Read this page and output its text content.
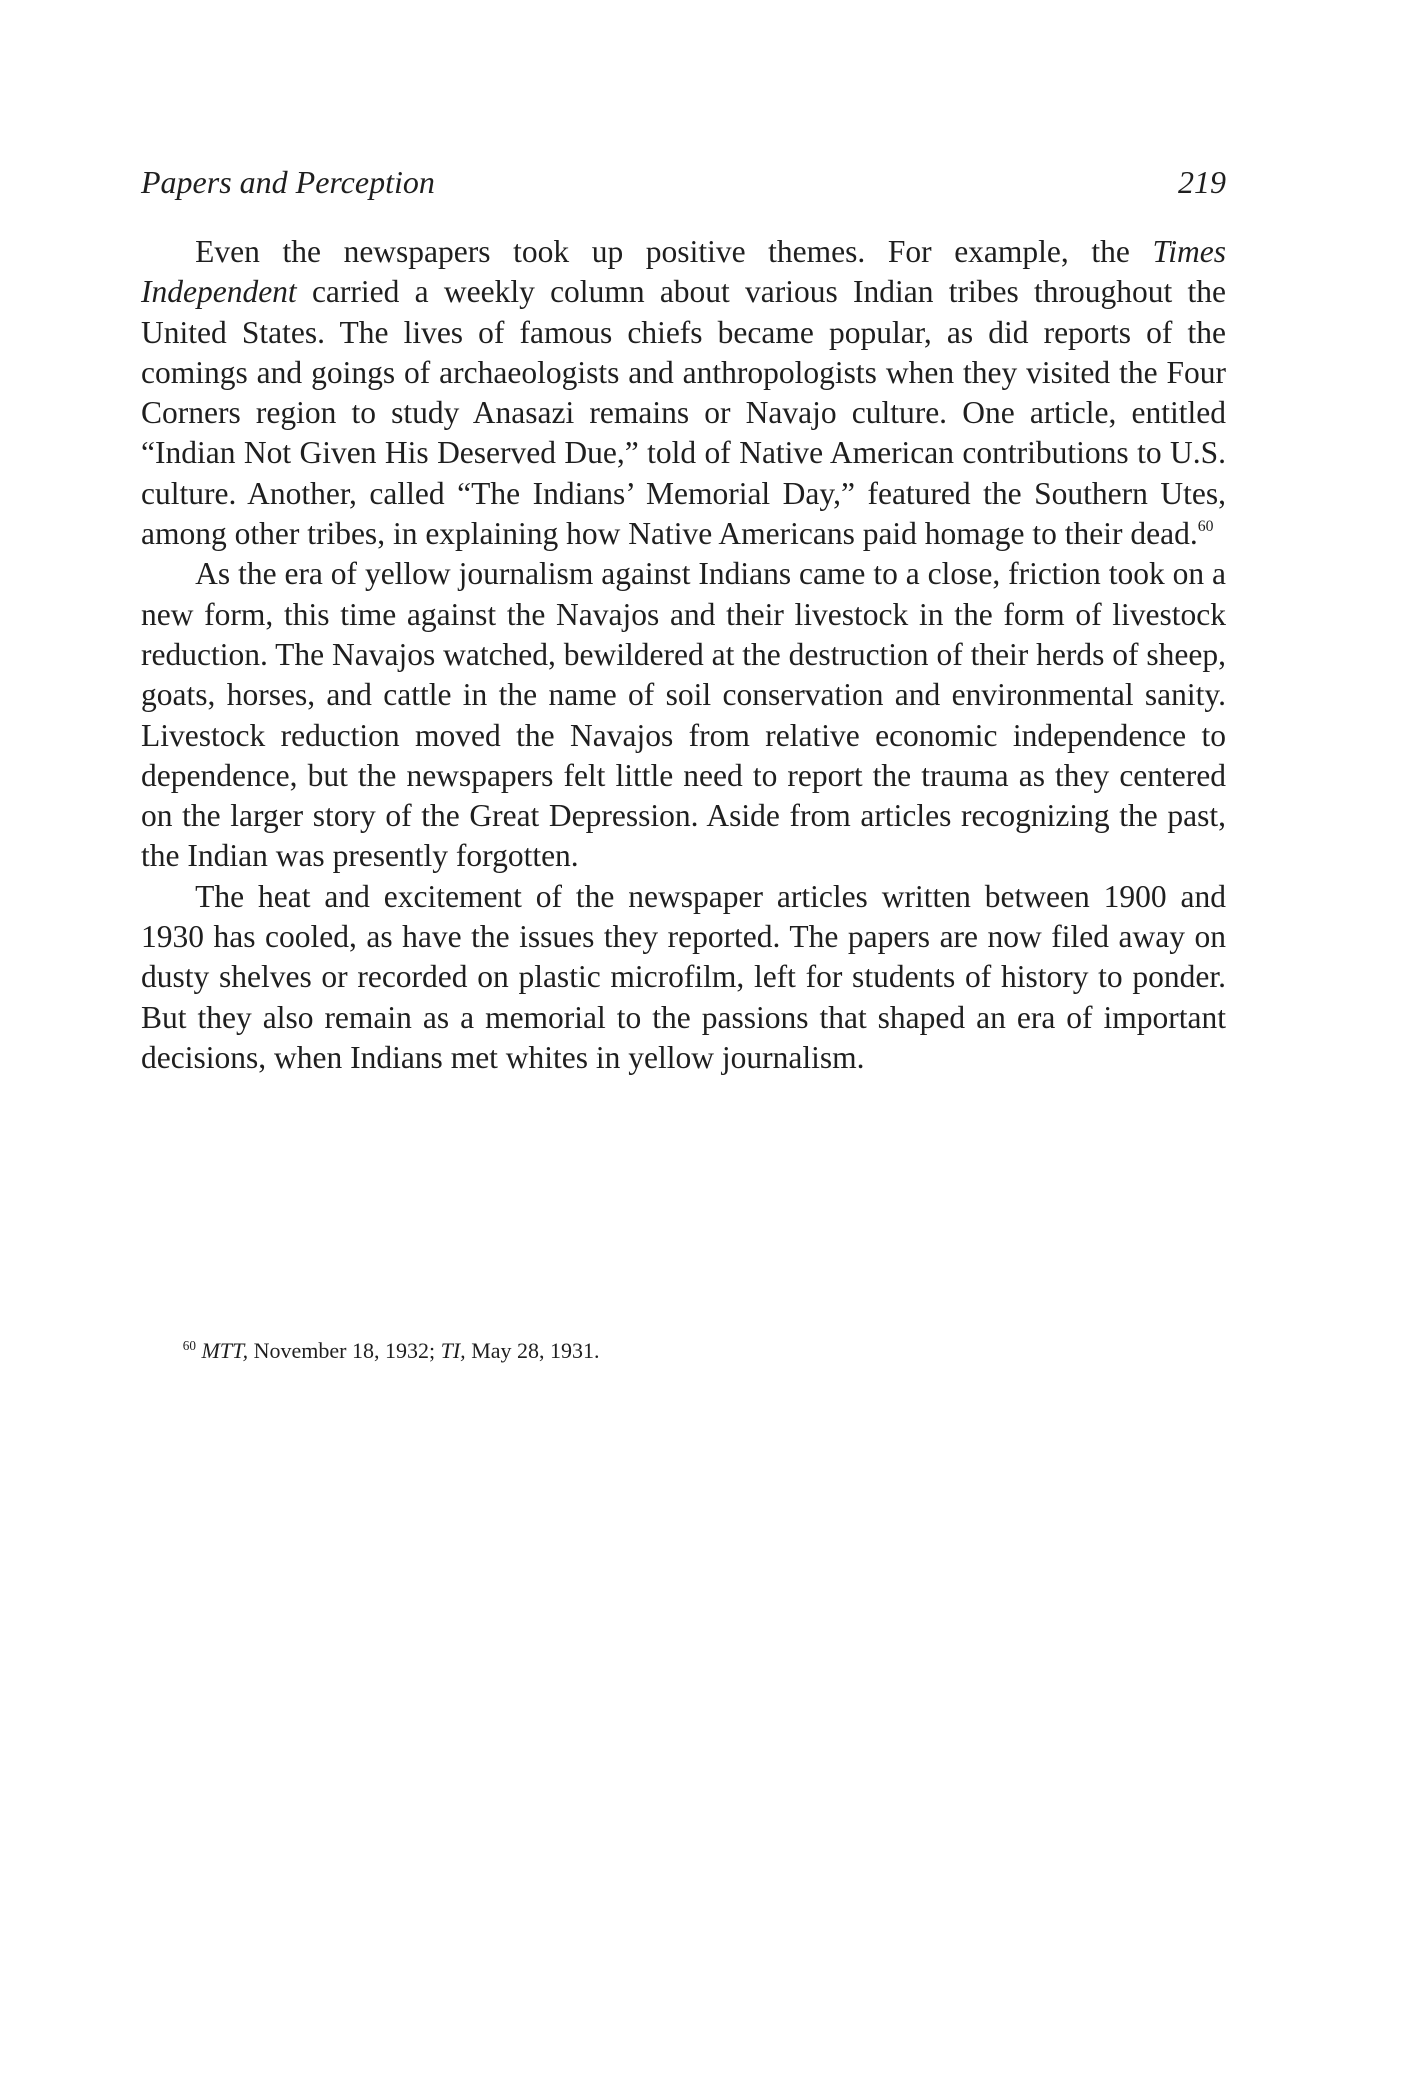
Papers and Perception	219

Even the newspapers took up positive themes. For example, the Times Independent carried a weekly column about various Indian tribes throughout the United States. The lives of famous chiefs became popular, as did reports of the comings and goings of archaeologists and anthropologists when they visited the Four Corners region to study Anasazi remains or Navajo culture. One article, entitled “Indian Not Given His Deserved Due,” told of Native American contributions to U.S. culture. Another, called “The Indians’ Memorial Day,” featured the Southern Utes, among other tribes, in explaining how Native Americans paid homage to their dead.$^{60}$

As the era of yellow journalism against Indians came to a close, friction took on a new form, this time against the Navajos and their livestock in the form of livestock reduction. The Navajos watched, bewildered at the destruction of their herds of sheep, goats, horses, and cattle in the name of soil conservation and environmental sanity. Livestock reduction moved the Navajos from relative economic independence to dependence, but the newspapers felt little need to report the trauma as they centered on the larger story of the Great Depression. Aside from articles recognizing the past, the Indian was presently forgotten.

The heat and excitement of the newspaper articles written between 1900 and 1930 has cooled, as have the issues they reported. The papers are now filed away on dusty shelves or recorded on plastic microfilm, left for students of history to ponder. But they also remain as a memorial to the passions that shaped an era of important decisions, when Indians met whites in yellow journalism.

$^{60}$ MTT, November 18, 1932; TI, May 28, 1931.
